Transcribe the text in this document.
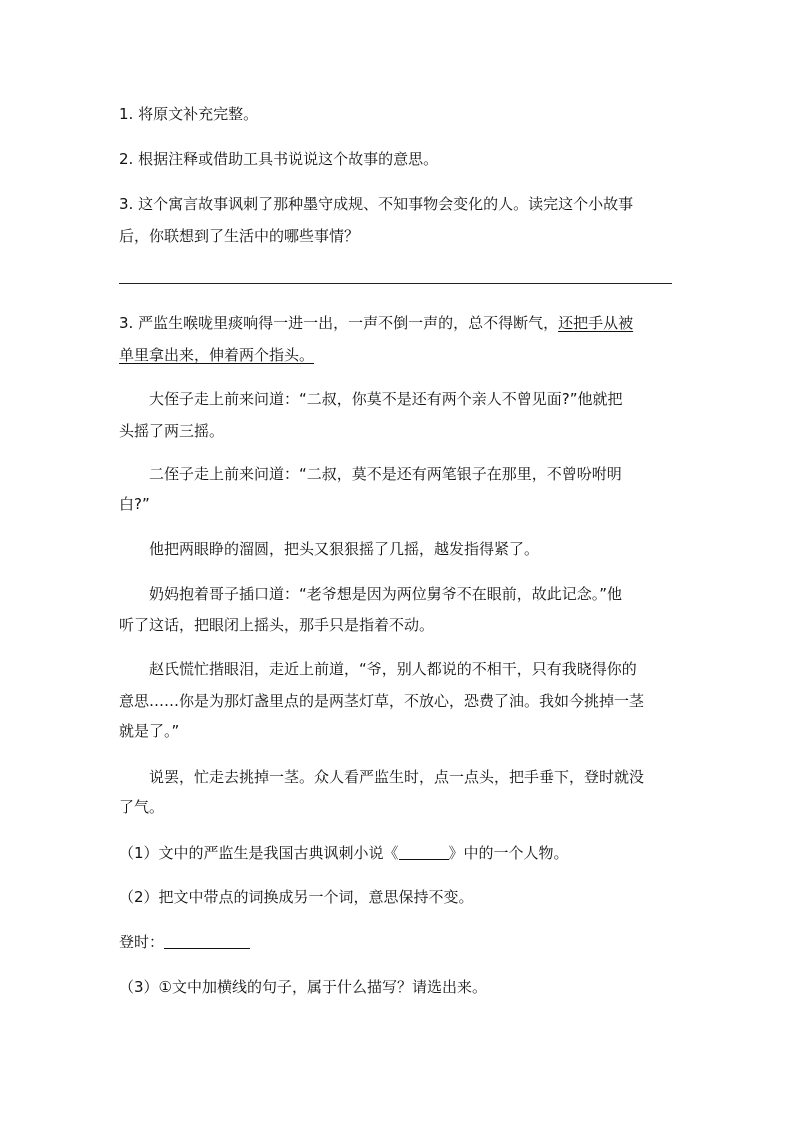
1. 将原文补充完整。
2. 根据注释或借助工具书说说这个故事的意思。
3. 这个寓言故事讽刺了那种墨守成规、不知事物会变化的人。读完这个小故事
后，你联想到了生活中的哪些事情？
3. 严监生喉咙里痰响得一进一出，一声不倒一声的，总不得断气，还把手从被
单里拿出来，伸着两个指头。
大侄子走上前来问道：“二叔，你莫不是还有两个亲人不曾见面?”他就把
头摇了两三摇。
二侄子走上前来问道：“二叔，莫不是还有两笔银子在那里，不曾吩咐明
白?”
他把两眼睁的溜圆，把头又狠狠摇了几摇，越发指得紧了。
奶妈抱着哥子插口道：“老爷想是因为两位舅爷不在眼前，故此记念。”他
听了这话，把眼闭上摇头，那手只是指着不动。
赵氏慌忙揩眼泪，走近上前道，“爷，别人都说的不相干，只有我晓得你的
意思……你是为那灯盏里点的是两茎灯草，不放心，恐费了油。我如今挑掉一茎
就是了。”
说罢，忙走去挑掉一茎。众人看严监生时，点一点头，把手垂下，登时就没
了气。
（1）文中的严监生是我国古典讽刺小说《	》中的一个人物。
（2）把文中带点的词换成另一个词，意思保持不变。
登时：
（3）①文中加横线的句子，属于什么描写？请选出来。
